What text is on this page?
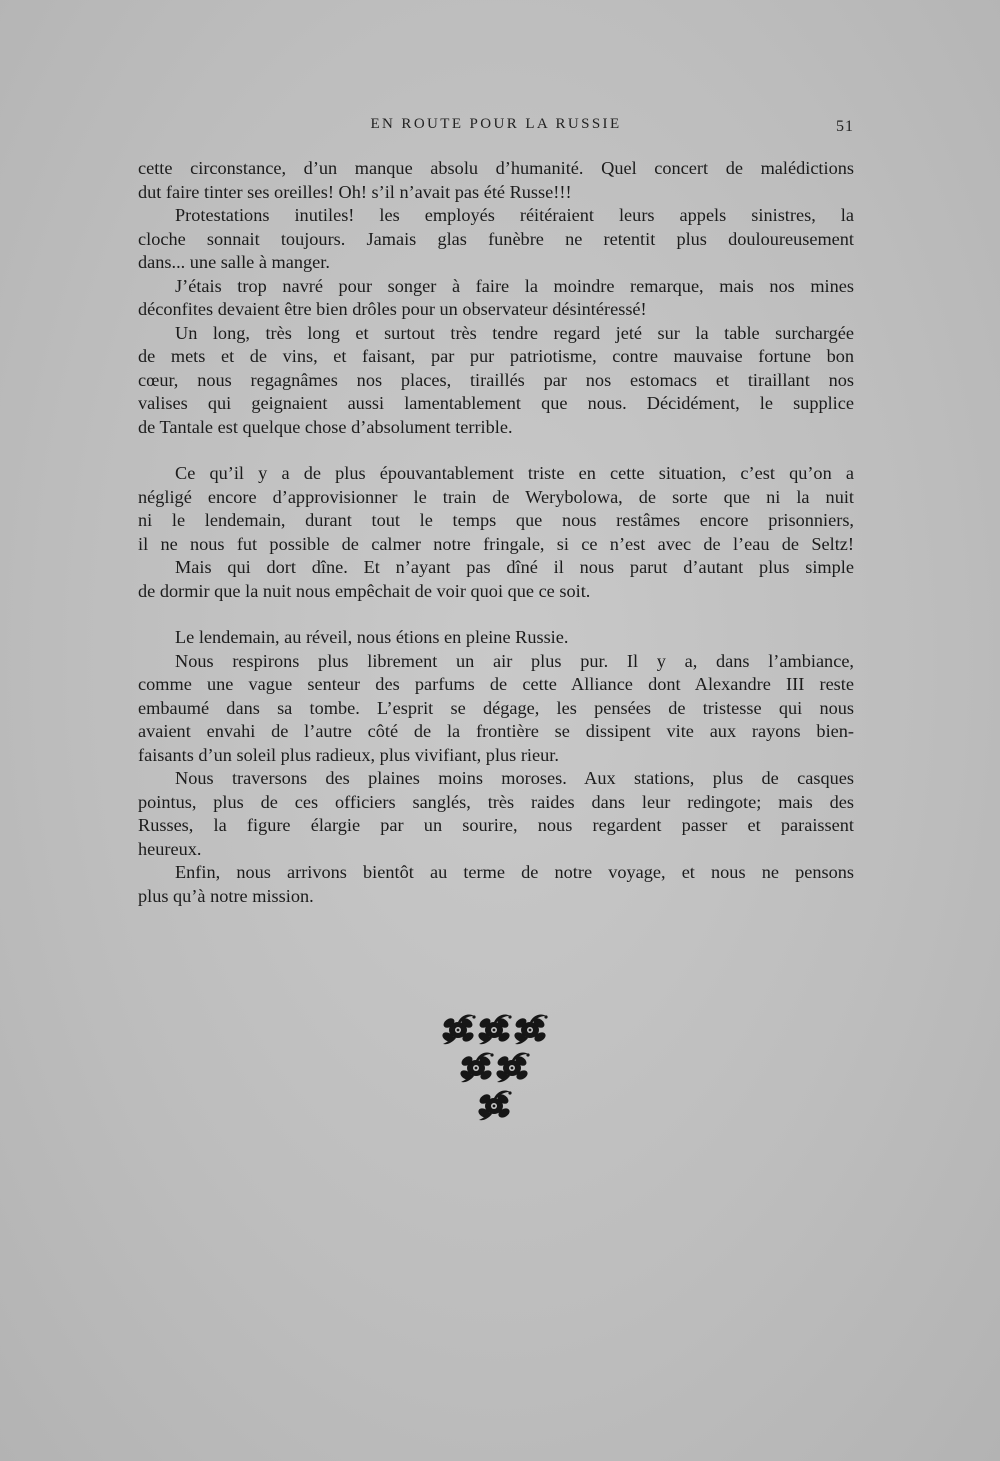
EN ROUTE POUR LA RUSSIE	51
cette circonstance, d’un manque absolu d’humanité. Quel concert de malédictions
dut faire tinter ses oreilles! Oh! s’il n’avait pas été Russe!!!
Protestations inutiles! les employés réitéraient leurs appels sinistres, la
cloche sonnait toujours. Jamais glas funèbre ne retentit plus douloureusement
dans... une salle à manger.
J’étais trop navré pour songer à faire la moindre remarque, mais nos mines
déconfites devaient être bien drôles pour un observateur désintéressé!
Un long, très long et surtout très tendre regard jeté sur la table surchargée
de mets et de vins, et faisant, par pur patriotisme, contre mauvaise fortune bon
cœur, nous regagnâmes nos places, tiraillés par nos estomacs et tiraillant nos
valises qui geignaient aussi lamentablement que nous. Décidément, le supplice
de Tantale est quelque chose d’absolument terrible.
Ce qu’il y a de plus épouvantablement triste en cette situation, c’est qu’on a
négligé encore d’approvisionner le train de Werybolowa, de sorte que ni la nuit
ni le lendemain, durant tout le temps que nous restâmes encore prisonniers,
il ne nous fut possible de calmer notre fringale, si ce n’est avec de l’eau de Seltz!
Mais qui dort dîne. Et n’ayant pas dîné il nous parut d’autant plus simple
de dormir que la nuit nous empêchait de voir quoi que ce soit.
Le lendemain, au réveil, nous étions en pleine Russie.
Nous respirons plus librement un air plus pur. Il y a, dans l’ambiance,
comme une vague senteur des parfums de cette Alliance dont Alexandre III reste
embaumé dans sa tombe. L’esprit se dégage, les pensées de tristesse qui nous
avaient envahi de l’autre côté de la frontière se dissipent vite aux rayons bien-
faisants d’un soleil plus radieux, plus vivifiant, plus rieur.
Nous traversons des plaines moins moroses. Aux stations, plus de casques
pointus, plus de ces officiers sanglés, très raides dans leur redingote; mais des
Russes, la figure élargie par un sourire, nous regardent passer et paraissent
heureux.
Enfin, nous arrivons bientôt au terme de notre voyage, et nous ne pensons
plus qu’à notre mission.
